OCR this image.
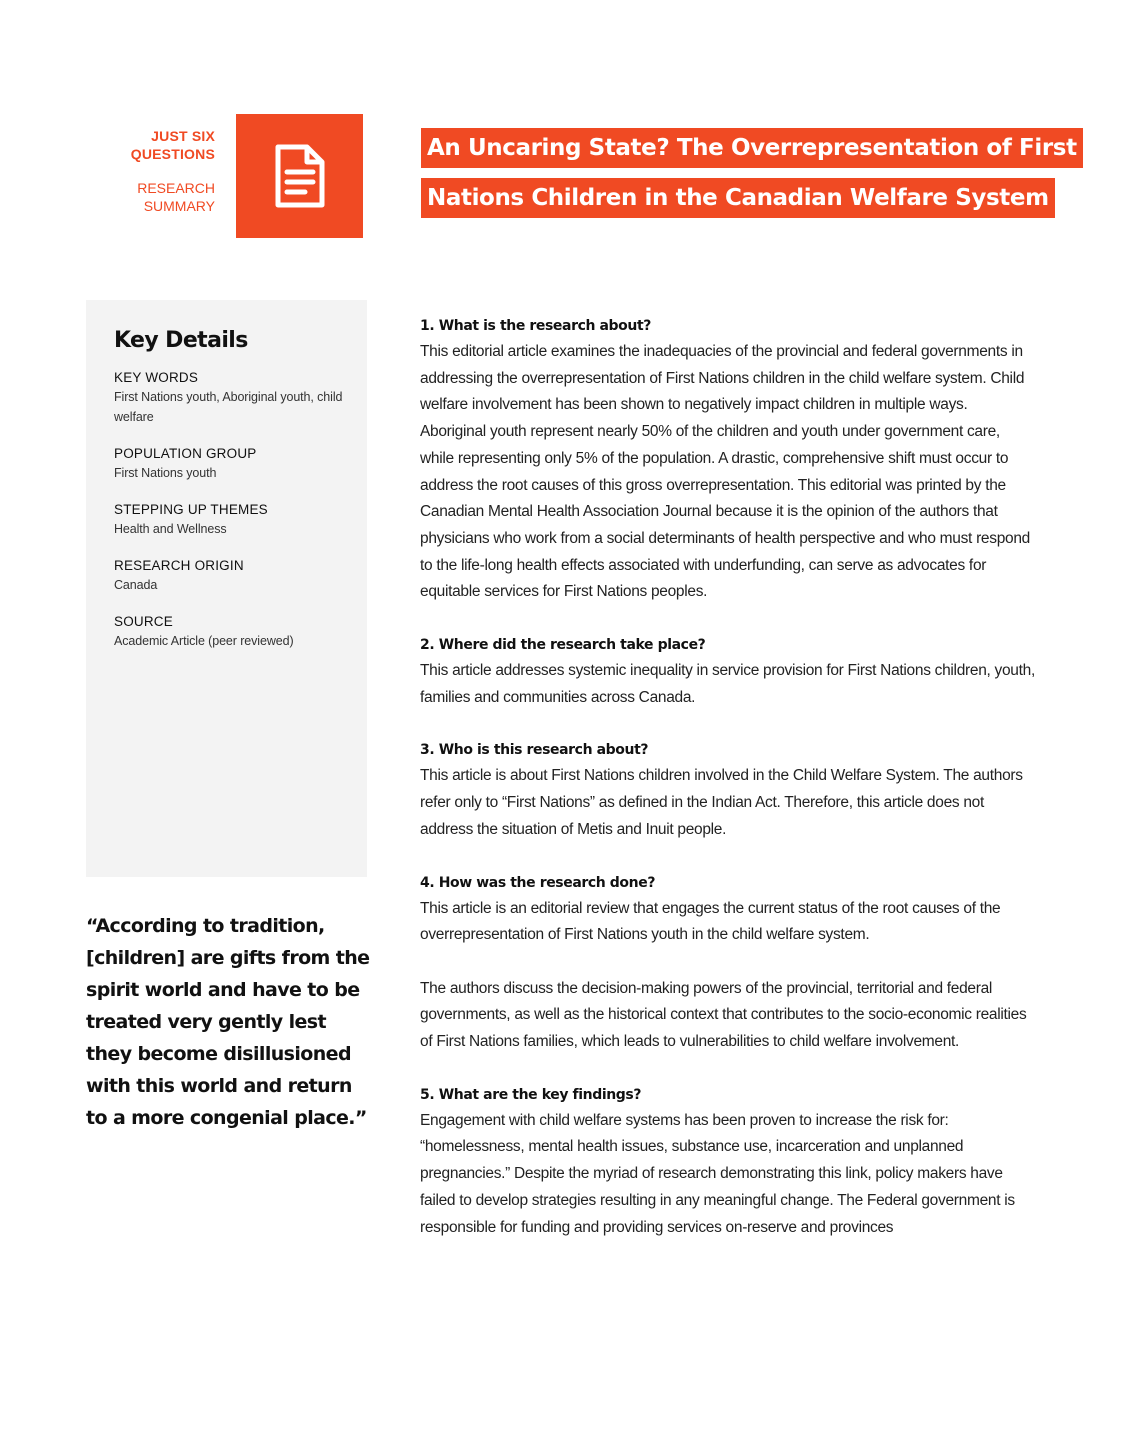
JUST SIX
QUESTIONS
RESEARCH
SUMMARY
An Uncaring State? The Overrepresentation of First
Nations Children in the Canadian Welfare System
Key Details
KEY WORDS
First Nations youth, Aboriginal youth, child welfare
POPULATION GROUP
First Nations youth
STEPPING UP THEMES
Health and Wellness
RESEARCH ORIGIN
Canada
SOURCE
Academic Article (peer reviewed)
“According to tradition, [children] are gifts from the spirit world and have to be treated very gently lest they become disillusioned with this world and return to a more congenial place.”
1. What is the research about?

This editorial article examines the inadequacies of the provincial and federal governments in addressing the overrepresentation of First Nations children in the child welfare system. Child welfare involvement has been shown to negatively impact children in multiple ways. Aboriginal youth represent nearly 50% of the children and youth under government care, while representing only 5% of the population. A drastic, comprehensive shift must occur to address the root causes of this gross overrepresentation. This editorial was printed by the Canadian Mental Health Association Journal because it is the opinion of the authors that physicians who work from a social determinants of health perspective and who must respond to the life-long health effects associated with underfunding, can serve as advocates for equitable services for First Nations peoples.

2. Where did the research take place?

This article addresses systemic inequality in service provision for First Nations children, youth, families and communities across Canada.

3. Who is this research about?

This article is about First Nations children involved in the Child Welfare System. The authors refer only to “First Nations” as defined in the Indian Act. Therefore, this article does not address the situation of Metis and Inuit people.

4. How was the research done?

This article is an editorial review that engages the current status of the root causes of the overrepresentation of First Nations youth in the child welfare system.

The authors discuss the decision-making powers of the provincial, territorial and federal governments, as well as the historical context that contributes to the socio-economic realities of First Nations families, which leads to vulnerabilities to child welfare involvement.

5. What are the key findings?

Engagement with child welfare systems has been proven to increase the risk for: “homelessness, mental health issues, substance use, incarceration and unplanned pregnancies.” Despite the myriad of research demonstrating this link, policy makers have failed to develop strategies resulting in any meaningful change. The Federal government is responsible for funding and providing services on-reserve and provinces
